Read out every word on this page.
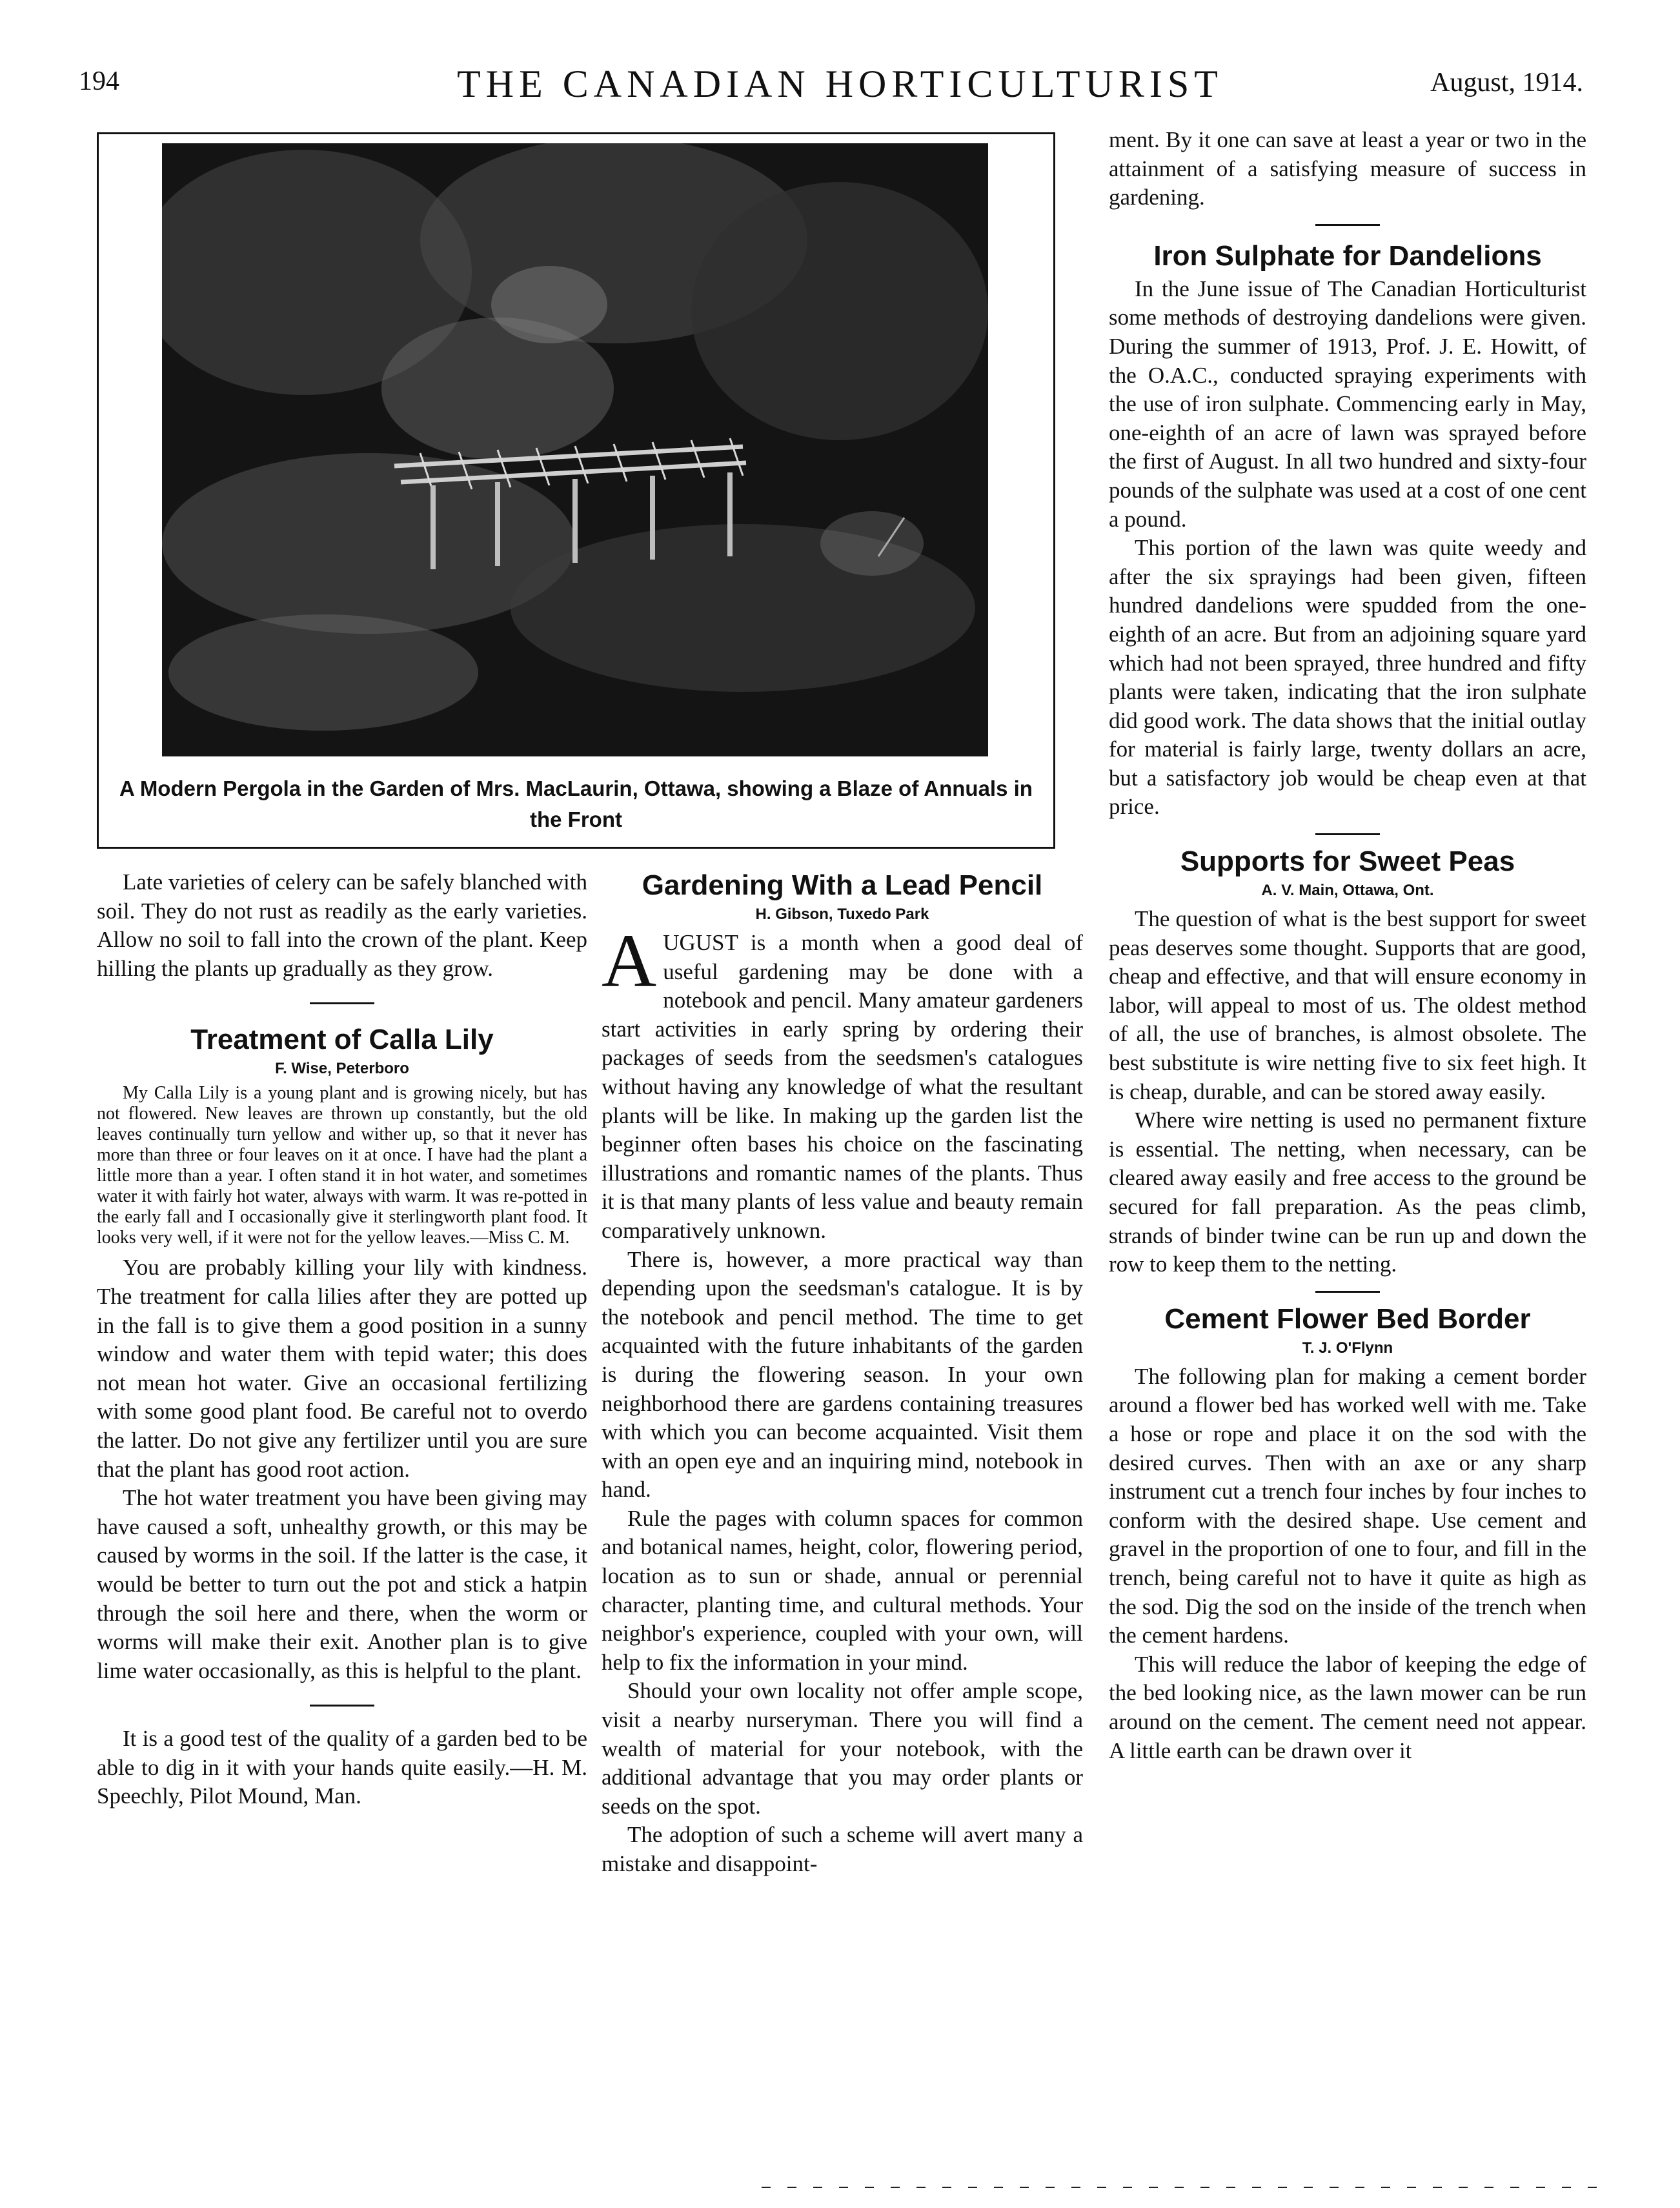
194	THE CANADIAN HORTICULTURIST	August, 1914.
A Modern Pergola in the Garden of Mrs. MacLaurin, Ottawa, showing a Blaze of Annuals in the Front

Late varieties of celery can be safely blanched with soil. They do not rust as readily as the early varieties. Allow no soil to fall into the crown of the plant. Keep hilling the plants up gradually as they grow.

Treatment of Calla Lily
F. Wise, Peterboro

My Calla Lily is a young plant and is growing nicely, but has not flowered. New leaves are thrown up constantly, but the old leaves continually turn yellow and wither up, so that it never has more than three or four leaves on it at once. I have had the plant a little more than a year. I often stand it in hot water, and sometimes water it with fairly hot water, always with warm. It was re-potted in the early fall and I occasionally give it sterlingworth plant food. It looks very well, if it were not for the yellow leaves.—Miss C. M.

You are probably killing your lily with kindness. The treatment for calla lilies after they are potted up in the fall is to give them a good position in a sunny window and water them with tepid water; this does not mean hot water. Give an occasional fertilizing with some good plant food. Be careful not to overdo the latter. Do not give any fertilizer until you are sure that the plant has good root action.

The hot water treatment you have been giving may have caused a soft, unhealthy growth, or this may be caused by worms in the soil. If the latter is the case, it would be better to turn out the pot and stick a hatpin through the soil here and there, when the worm or worms will make their exit. Another plan is to give lime water occasionally, as this is helpful to the plant.

It is a good test of the quality of a garden bed to be able to dig in it with your hands quite easily.—H. M. Speechly, Pilot Mound, Man.

Gardening With a Lead Pencil
H. Gibson, Tuxedo Park

AUGUST is a month when a good deal of useful gardening may be done with a notebook and pencil. Many amateur gardeners start activities in early spring by ordering their packages of seeds from the seedsmen's catalogues without having any knowledge of what the resultant plants will be like. In making up the garden list the beginner often bases his choice on the fascinating illustrations and romantic names of the plants. Thus it is that many plants of less value and beauty remain comparatively unknown.

There is, however, a more practical way than depending upon the seedsman's catalogue. It is by the notebook and pencil method. The time to get acquainted with the future inhabitants of the garden is during the flowering season. In your own neighborhood there are gardens containing treasures with which you can become acquainted. Visit them with an open eye and an inquiring mind, notebook in hand.

Rule the pages with column spaces for common and botanical names, height, color, flowering period, location as to sun or shade, annual or perennial character, planting time, and cultural methods. Your neighbor's experience, coupled with your own, will help to fix the information in your mind.

Should your own locality not offer ample scope, visit a nearby nurseryman. There you will find a wealth of material for your notebook, with the additional advantage that you may order plants or seeds on the spot.

The adoption of such a scheme will avert many a mistake and disappoint-

ment. By it one can save at least a year or two in the attainment of a satisfying measure of success in gardening.

Iron Sulphate for Dandelions

In the June issue of The Canadian Horticulturist some methods of destroying dandelions were given. During the summer of 1913, Prof. J. E. Howitt, of the O.A.C., conducted spraying experiments with the use of iron sulphate. Commencing early in May, one-eighth of an acre of lawn was sprayed before the first of August. In all two hundred and sixty-four pounds of the sulphate was used at a cost of one cent a pound.

This portion of the lawn was quite weedy and after the six sprayings had been given, fifteen hundred dandelions were spudded from the one-eighth of an acre. But from an adjoining square yard which had not been sprayed, three hundred and fifty plants were taken, indicating that the iron sulphate did good work. The data shows that the initial outlay for material is fairly large, twenty dollars an acre, but a satisfactory job would be cheap even at that price.

Supports for Sweet Peas
A. V. Main, Ottawa, Ont.

The question of what is the best support for sweet peas deserves some thought. Supports that are good, cheap and effective, and that will ensure economy in labor, will appeal to most of us. The oldest method of all, the use of branches, is almost obsolete. The best substitute is wire netting five to six feet high. It is cheap, durable, and can be stored away easily.

Where wire netting is used no permanent fixture is essential. The netting, when necessary, can be cleared away easily and free access to the ground be secured for fall preparation. As the peas climb, strands of binder twine can be run up and down the row to keep them to the netting.

Cement Flower Bed Border
T. J. O'Flynn

The following plan for making a cement border around a flower bed has worked well with me. Take a hose or rope and place it on the sod with the desired curves. Then with an axe or any sharp instrument cut a trench four inches by four inches to conform with the desired shape. Use cement and gravel in the proportion of one to four, and fill in the trench, being careful not to have it quite as high as the sod. Dig the sod on the inside of the trench when the cement hardens.

This will reduce the labor of keeping the edge of the bed looking nice, as the lawn mower can be run around on the cement. The cement need not appear. A little earth can be drawn over it
